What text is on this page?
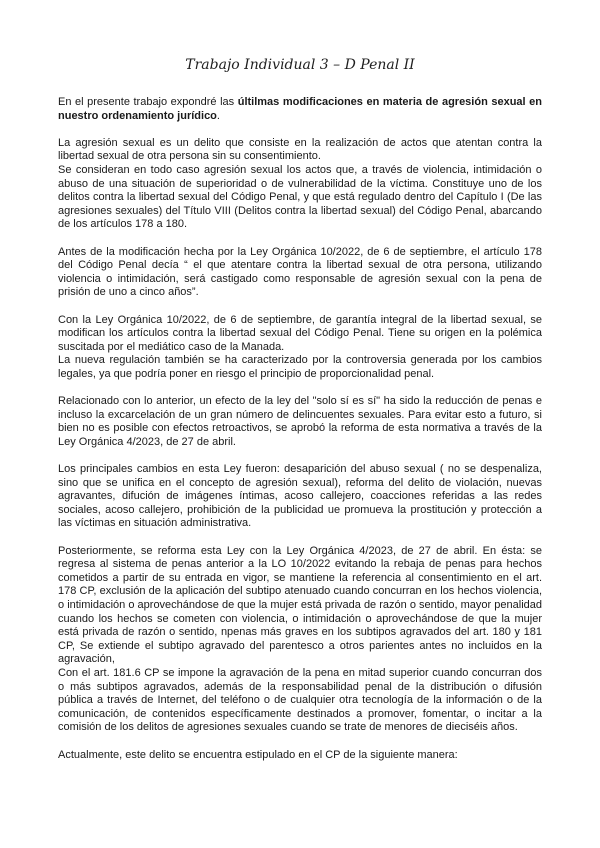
Trabajo Individual 3 – D Penal II

En el presente trabajo expondré las últilmas modificaciones en materia de agresión sexual en nuestro ordenamiento jurídico.

La agresión sexual es un delito que consiste en la realización de actos que atentan contra la libertad sexual de otra persona sin su consentimiento.

Se consideran en todo caso agresión sexual los actos que, a través de violencia, intimidación o abuso de una situación de superioridad o de vulnerabilidad de la víctima. Constituye uno de los delitos contra la libertad sexual del Código Penal, y que está regulado dentro del Capítulo I (De las agresiones sexuales) del Título VIII (Delitos contra la libertad sexual) del Código Penal, abarcando de los artículos 178 a 180.

Antes de la modificación hecha por la Ley Orgánica 10/2022, de 6 de septiembre, el artículo 178 del Código Penal decía “ el que atentare contra la libertad sexual de otra persona, utilizando violencia o intimidación, será castigado como responsable de agresión sexual con la pena de prisión de uno a cinco años”.

Con la Ley Orgánica 10/2022, de 6 de septiembre, de garantía integral de la libertad sexual, se modifican los artículos contra la libertad sexual del Código Penal. Tiene su origen en la polémica suscitada por el mediático caso de la Manada.

La nueva regulación también se ha caracterizado por la controversia generada por los cambios legales, ya que podría poner en riesgo el principio de proporcionalidad penal.

Relacionado con lo anterior, un efecto de la ley del "solo sí es sí" ha sido la reducción de penas e incluso la excarcelación de un gran número de delincuentes sexuales. Para evitar esto a futuro, si bien no es posible con efectos retroactivos, se aprobó la reforma de esta normativa a través de la Ley Orgánica 4/2023, de 27 de abril.

Los principales cambios en esta Ley fueron: desaparición del abuso sexual ( no se despenaliza, sino que se unifica en el concepto de agresión sexual), reforma del delito de violación, nuevas agravantes, difución de imágenes íntimas, acoso callejero, coacciones referidas a las redes sociales, acoso callejero, prohibición de la publicidad ue promueva la prostitución y protección a las víctimas en situación administrativa.

Posteriormente, se reforma esta Ley con la Ley Orgánica 4/2023, de 27 de abril. En ésta: se regresa al sistema de penas anterior a la LO 10/2022 evitando la rebaja de penas para hechos cometidos a partir de su entrada en vigor, se mantiene la referencia al consentimiento en el art. 178 CP, exclusión de la aplicación del subtipo atenuado cuando concurran en los hechos violencia, o intimidación o aprovechándose de que la mujer está privada de razón o sentido, mayor penalidad cuando los hechos se cometen con violencia, o intimidación o aprovechándose de que la mujer está privada de razón o sentido, npenas más graves en los subtipos agravados del art. 180 y 181 CP, Se extiende el subtipo agravado del parentesco a otros parientes antes no incluidos en la agravación,

Con el art. 181.6 CP se impone la agravación de la pena en mitad superior cuando concurran dos o más subtipos agravados, además de la responsabilidad penal de la distribución o difusión pública a través de Internet, del teléfono o de cualquier otra tecnología de la información o de la comunicación, de contenidos específicamente destinados a promover, fomentar, o incitar a la comisión de los delitos de agresiones sexuales cuando se trate de menores de dieciséis años.

Actualmente, este delito se encuentra estipulado en el CP de la siguiente manera:
